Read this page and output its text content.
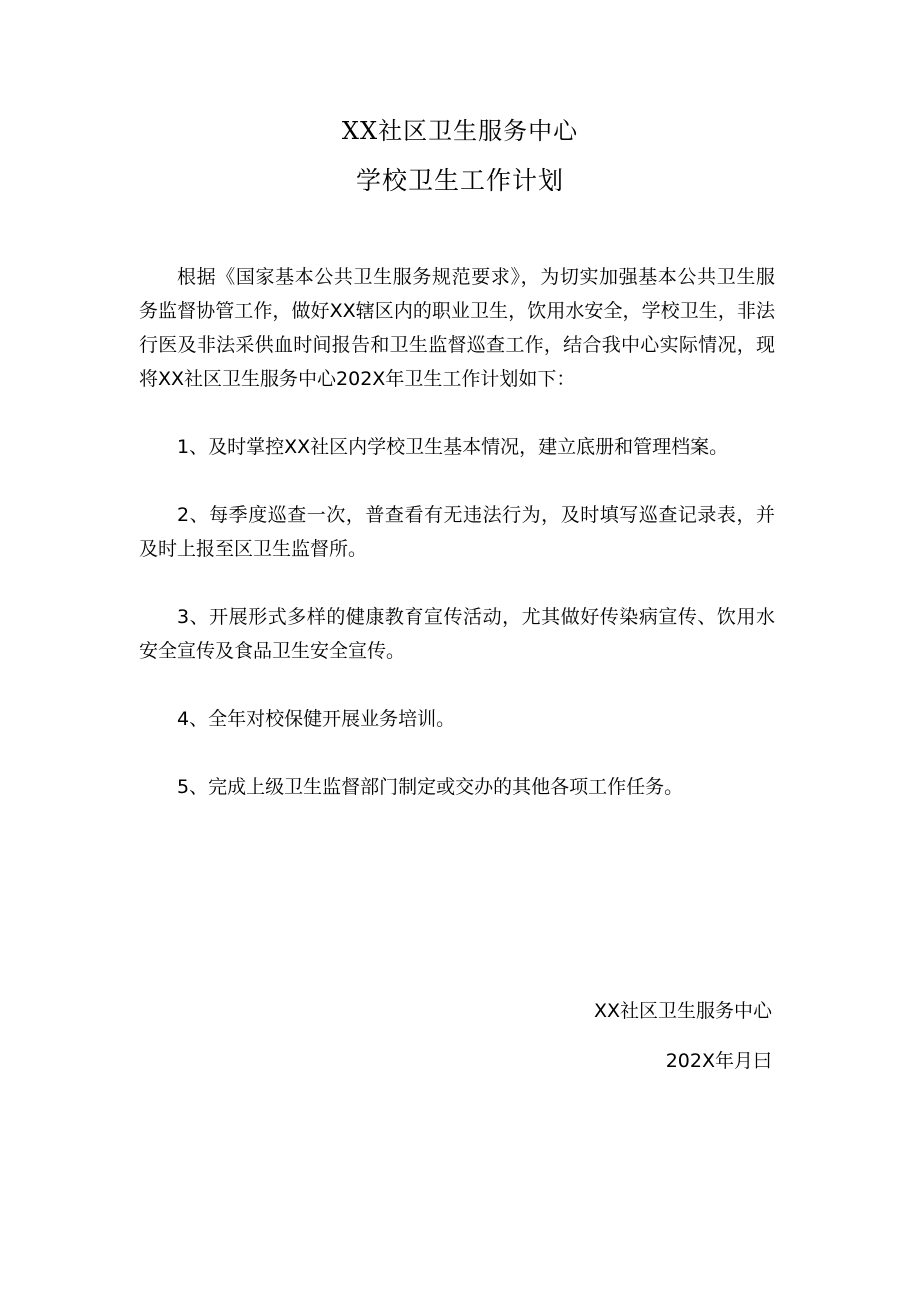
XX社区卫生服务中心
学校卫生工作计划

根据《国家基本公共卫生服务规范要求》，为切实加强基本公共卫生服务监督协管工作，做好XX辖区内的职业卫生，饮用水安全，学校卫生，非法行医及非法采供血时间报告和卫生监督巡查工作，结合我中心实际情况，现将XX社区卫生服务中心202X年卫生工作计划如下：

1、及时掌控XX社区内学校卫生基本情况，建立底册和管理档案。

2、每季度巡查一次，普查看有无违法行为，及时填写巡查记录表，并及时上报至区卫生监督所。

3、开展形式多样的健康教育宣传活动，尤其做好传染病宣传、饮用水安全宣传及食品卫生安全宣传。

4、全年对校保健开展业务培训。

5、完成上级卫生监督部门制定或交办的其他各项工作任务。

XX社区卫生服务中心
202X年月曰
